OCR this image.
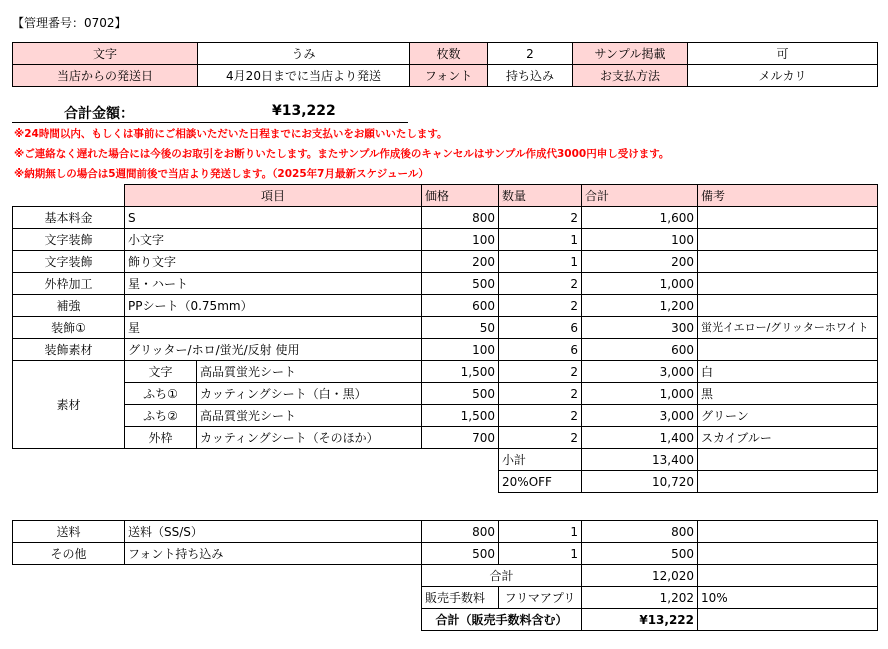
【管理番号：0702】
文字	うみ	枚数	2	サンプル掲載	可
当店からの発送日	4月20日までに当店より発送	フォント	持ち込み	お支払方法	メルカリ
合計金額：	¥13,222
※24時間以内、もしくは事前にご相談いただいた日程までにお支払いをお願いいたします。
※ご連絡なく遅れた場合には今後のお取引をお断りいたします。またサンプル作成後のキャンセルはサンプル作成代3000円申し受けます。
※納期無しの場合は5週間前後で当店より発送します。（2025年7月最新スケジュール）
	項目		価格	数量	合計	備考
基本料金	S		800	2	1,600	
文字装飾	小文字		100	1	100	
文字装飾	飾り文字		200	1	200	
外枠加工	星・ハート		500	2	1,000	
補強	PPシート（0.75mm）		600	2	1,200	
装飾①	星		50	6	300	蛍光イエロー/グリッターホワイト
装飾素材	グリッター/ホロ/蛍光/反射 使用		100	6	600	
素材	文字	高品質蛍光シート	1,500	2	3,000	白
	ふち①	カッティングシート（白・黒）	500	2	1,000	黒
	ふち②	高品質蛍光シート	1,500	2	3,000	グリーン
	外枠	カッティングシート（そのほか）	700	2	1,400	スカイブルー
				小計	13,400	
				20%OFF	10,720	
送料	送料（SS/S）	800	1	800	
その他	フォント持ち込み	500	1	500	
		合計		12,020	
		販売手数料	フリマアプリ	1,202	10%
		合計（販売手数料含む）		¥13,222	
